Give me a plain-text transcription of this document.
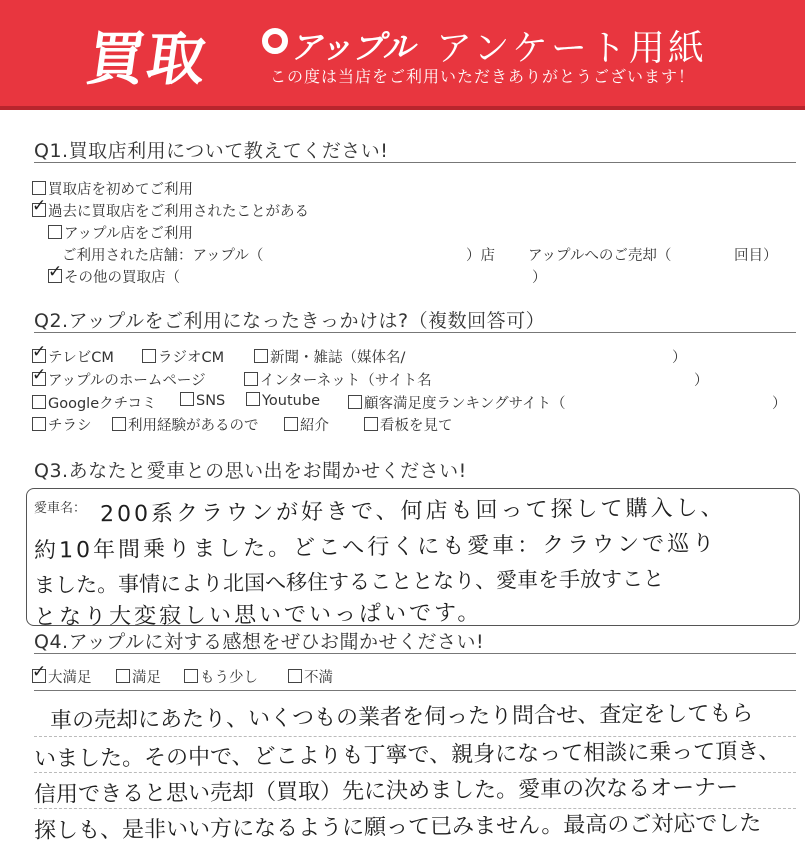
買取 アップル アンケート用紙
この度は当店をご利用いただきありがとうございます！
Q1.買取店利用について教えてください!
買取店を初めてご利用
✓過去に買取店をご利用されたことがある
アップル店をご利用
ご利用された店舗：アップル（	）店 アップルへのご売却（	回目）
✓その他の買取店（	）
Q2.アップルをご利用になったきっかけは?（複数回答可）
✓テレビCM	ラジオCM	新聞・雑誌（媒体名/	）
✓アップルのホームページ	インターネット（サイト名	）
Googleクチコミ	SNS	Youtube	顧客満足度ランキングサイト（	）
チラシ	利用経験があるので	紹介	看板を見て
Q3.あなたと愛車との思い出をお聞かせください!
愛車名： 200系クラウンが好きで、何店も回って探して購入し、
約10年間乗りました。どこへ行くにも愛車：クラウンで巡り
ました。事情により北国へ移住することとなり、愛車を手放すこと
となり大変寂しい思いでいっぱいです。
Q4.アップルに対する感想をぜひお聞かせください!
✓大満足	満足	もう少し	不満
車の売却にあたり、いくつもの業者を伺ったり問合せ、査定をしてもら
いました。その中で、どこよりも丁寧で、親身になって相談に乗って頂き、
信用できると思い売却（買取）先に決めました。愛車の次なるオーナー
探しも、是非いい方になるように願って已みません。最高のご対応でした
